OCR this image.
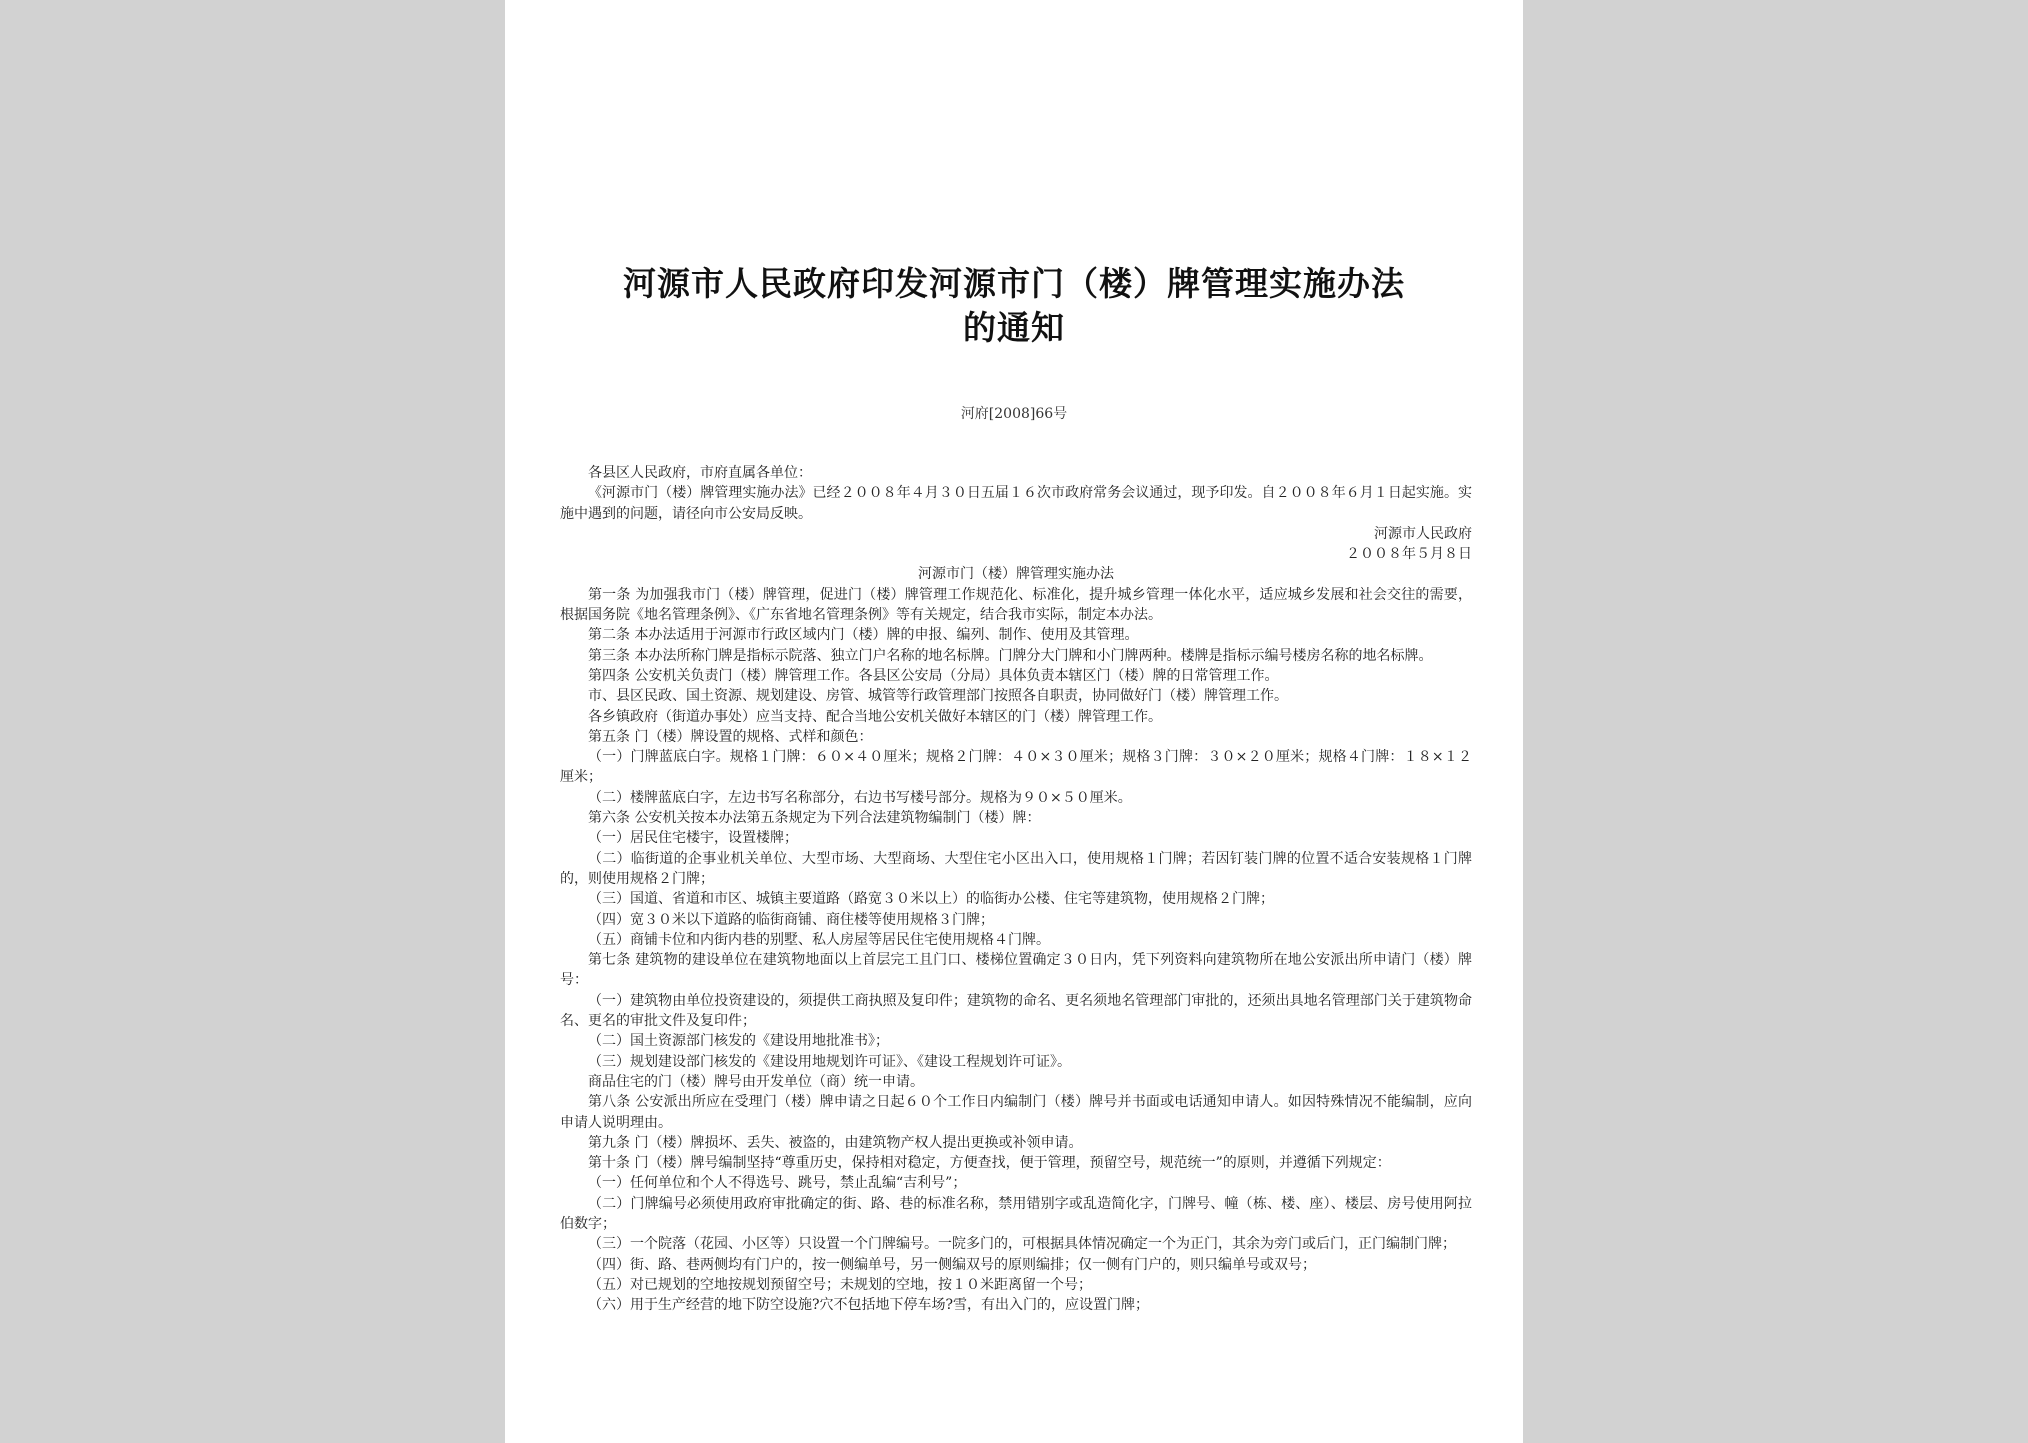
河源市人民政府印发河源市门（楼）牌管理实施办法
的通知
河府[2008]66号

各县区人民政府，市府直属各单位：

《河源市门（楼）牌管理实施办法》已经２００８年４月３０日五届１６次市政府常务会议通过，现予印发。自２００８年６月１日起实施。实施中遇到的问题，请径向市公安局反映。

河源市人民政府

２００８年５月８日

河源市门（楼）牌管理实施办法

第一条 为加强我市门（楼）牌管理，促进门（楼）牌管理工作规范化、标准化，提升城乡管理一体化水平，适应城乡发展和社会交往的需要，根据国务院《地名管理条例》、《广东省地名管理条例》等有关规定，结合我市实际，制定本办法。

第二条 本办法适用于河源市行政区域内门（楼）牌的申报、编列、制作、使用及其管理。

第三条 本办法所称门牌是指标示院落、独立门户名称的地名标牌。门牌分大门牌和小门牌两种。楼牌是指标示编号楼房名称的地名标牌。

第四条 公安机关负责门（楼）牌管理工作。各县区公安局（分局）具体负责本辖区门（楼）牌的日常管理工作。

市、县区民政、国土资源、规划建设、房管、城管等行政管理部门按照各自职责，协同做好门（楼）牌管理工作。

各乡镇政府（街道办事处）应当支持、配合当地公安机关做好本辖区的门（楼）牌管理工作。

第五条 门（楼）牌设置的规格、式样和颜色：

（一）门牌蓝底白字。规格１门牌：６０×４０厘米；规格２门牌：４０×３０厘米；规格３门牌：３０×２０厘米；规格４门牌：１８×１２厘米；

（二）楼牌蓝底白字，左边书写名称部分，右边书写楼号部分。规格为９０×５０厘米。

第六条 公安机关按本办法第五条规定为下列合法建筑物编制门（楼）牌：

（一）居民住宅楼宇，设置楼牌；

（二）临街道的企事业机关单位、大型市场、大型商场、大型住宅小区出入口，使用规格１门牌；若因钉装门牌的位置不适合安装规格１门牌的，则使用规格２门牌；

（三）国道、省道和市区、城镇主要道路（路宽３０米以上）的临街办公楼、住宅等建筑物，使用规格２门牌；

（四）宽３０米以下道路的临街商铺、商住楼等使用规格３门牌；

（五）商铺卡位和内街内巷的别墅、私人房屋等居民住宅使用规格４门牌。

第七条 建筑物的建设单位在建筑物地面以上首层完工且门口、楼梯位置确定３０日内，凭下列资料向建筑物所在地公安派出所申请门（楼）牌号：

（一）建筑物由单位投资建设的，须提供工商执照及复印件；建筑物的命名、更名须地名管理部门审批的，还须出具地名管理部门关于建筑物命名、更名的审批文件及复印件；

（二）国土资源部门核发的《建设用地批准书》；

（三）规划建设部门核发的《建设用地规划许可证》、《建设工程规划许可证》。

商品住宅的门（楼）牌号由开发单位（商）统一申请。

第八条 公安派出所应在受理门（楼）牌申请之日起６０个工作日内编制门（楼）牌号并书面或电话通知申请人。如因特殊情况不能编制，应向申请人说明理由。

第九条 门（楼）牌损坏、丢失、被盗的，由建筑物产权人提出更换或补领申请。

第十条 门（楼）牌号编制坚持“尊重历史，保持相对稳定，方便查找，便于管理，预留空号，规范统一”的原则，并遵循下列规定：

（一）任何单位和个人不得选号、跳号，禁止乱编“吉利号”；

（二）门牌编号必须使用政府审批确定的街、路、巷的标准名称，禁用错别字或乱造简化字，门牌号、幢（栋、楼、座）、楼层、房号使用阿拉伯数字；

（三）一个院落（花园、小区等）只设置一个门牌编号。一院多门的，可根据具体情况确定一个为正门，其余为旁门或后门，正门编制门牌；

（四）街、路、巷两侧均有门户的，按一侧编单号，另一侧编双号的原则编排；仅一侧有门户的，则只编单号或双号；

（五）对已规划的空地按规划预留空号；未规划的空地，按１０米距离留一个号；

（六）用于生产经营的地下防空设施?穴不包括地下停车场?雪，有出入门的，应设置门牌；
